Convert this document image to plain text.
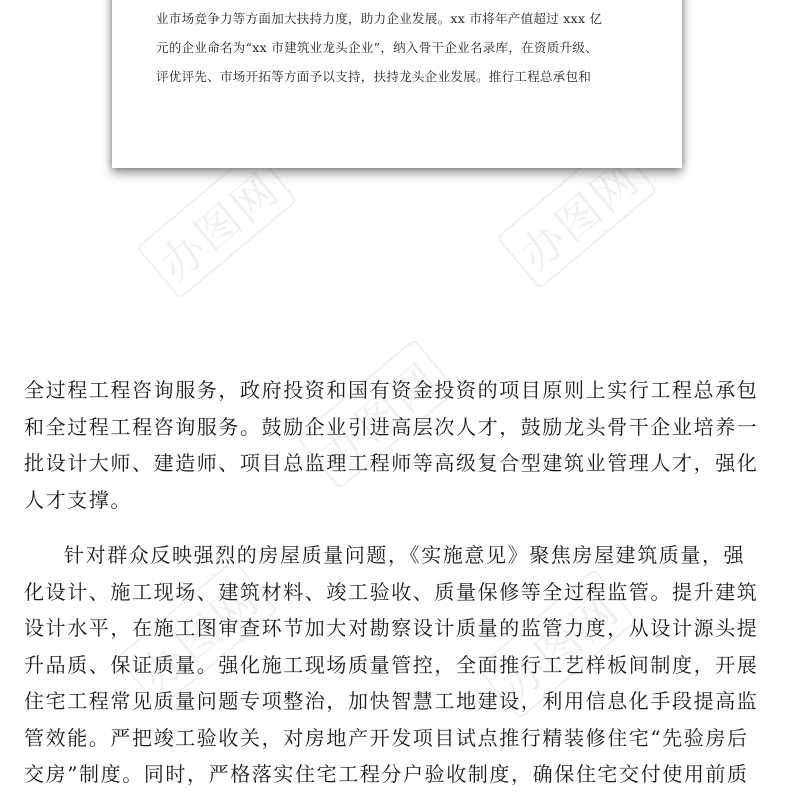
办图网	办图网
办图网
办图网	办图网
业市场竞争力等方面加大扶持力度，助力企业发展。xx 市将年产值超过 xxx 亿
元的企业命名为“xx 市建筑业龙头企业”，纳入骨干企业名录库，在资质升级、
评优评先、市场开拓等方面予以支持，扶持龙头企业发展。推行工程总承包和

全过程工程咨询服务，政府投资和国有资金投资的项目原则上实行工程总承包
和全过程工程咨询服务。鼓励企业引进高层次人才，鼓励龙头骨干企业培养一
批设计大师、建造师、项目总监理工程师等高级复合型建筑业管理人才，强化
人才支撑。

针对群众反映强烈的房屋质量问题，《实施意见》聚焦房屋建筑质量，强
化设计、施工现场、建筑材料、竣工验收、质量保修等全过程监管。提升建筑
设计水平，在施工图审查环节加大对勘察设计质量的监管力度，从设计源头提
升品质、保证质量。强化施工现场质量管控，全面推行工艺样板间制度，开展
住宅工程常见质量问题专项整治，加快智慧工地建设，利用信息化手段提高监
管效能。严把竣工验收关，对房地产开发项目试点推行精装修住宅“先验房后
交房”制度。同时，严格落实住宅工程分户验收制度，确保住宅交付使用前质
